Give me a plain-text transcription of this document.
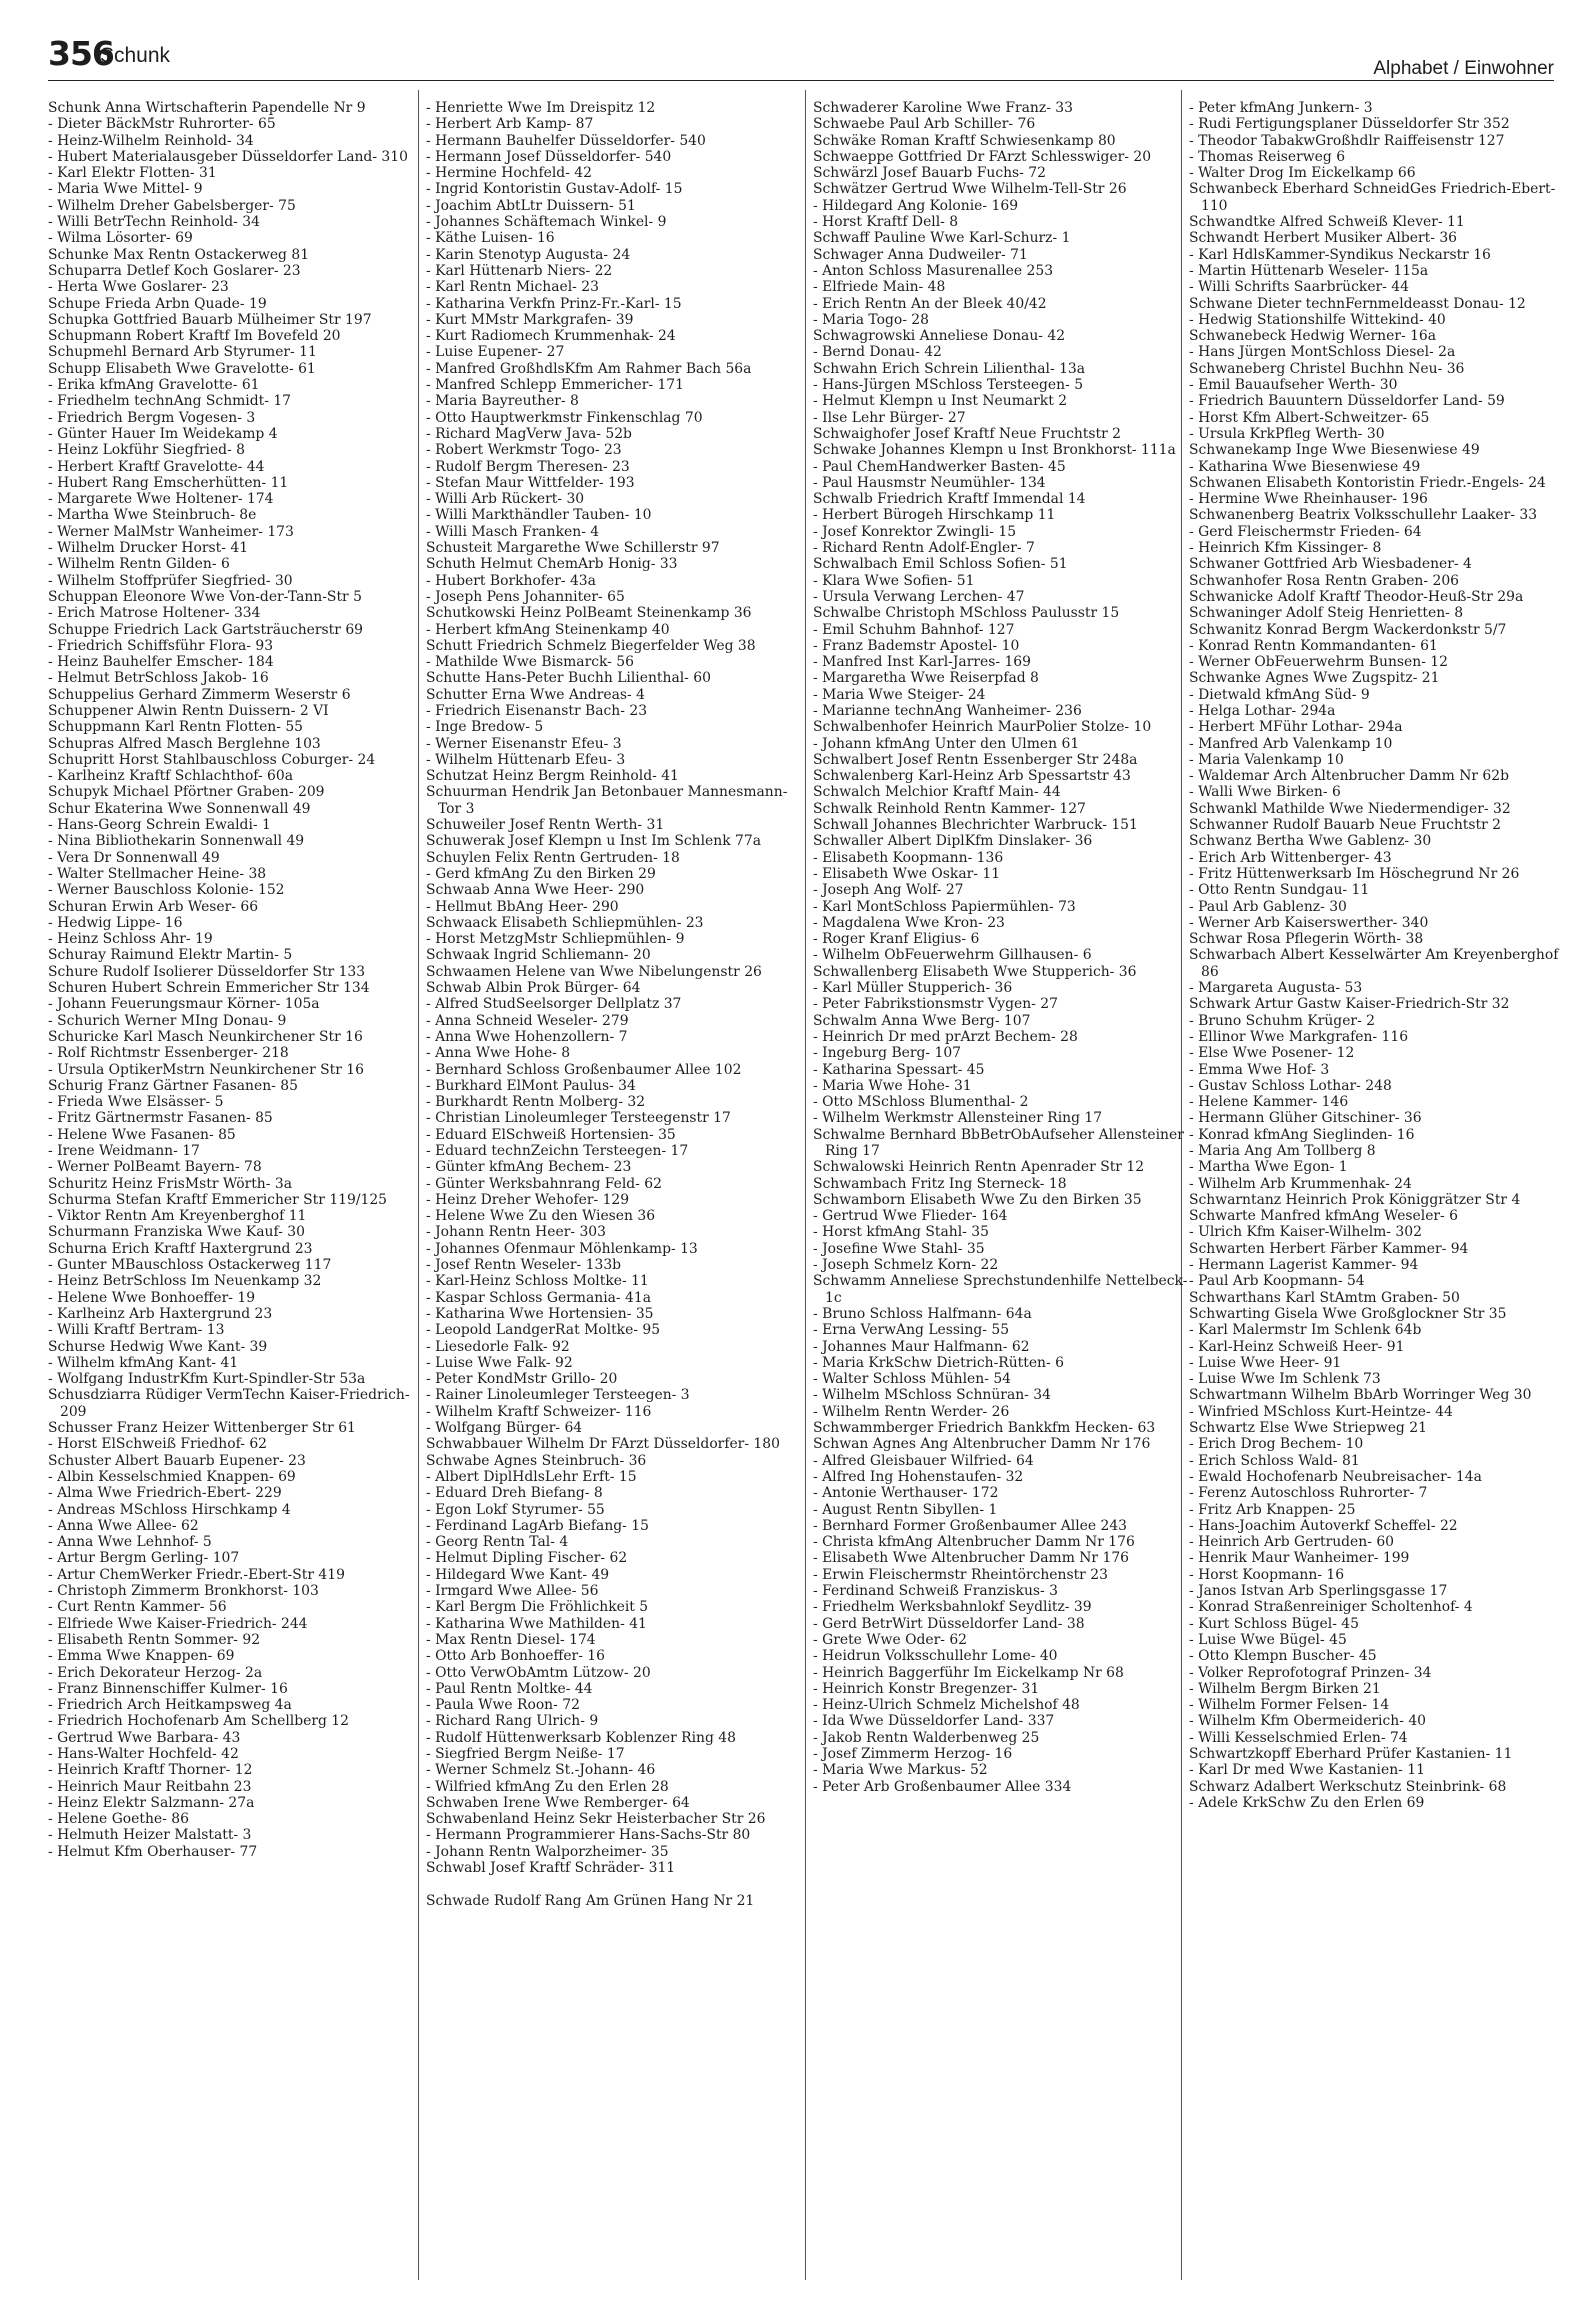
356
Schunk
Alphabet / Einwohner

Schunk Anna Wirtschafterin Papendelle Nr 9

- Dieter BäckMstr Ruhrorter- 65

- Heinz-Wilhelm Reinhold- 34

- Hubert Materialausgeber Düsseldorfer Land- 310

- Karl Elektr Flotten- 31

- Maria Wwe Mittel- 9

- Wilhelm Dreher Gabelsberger- 75

- Willi BetrTechn Reinhold- 34

- Wilma Lösorter- 69

Schunke Max Rentn Ostackerweg 81

Schuparra Detlef Koch Goslarer- 23

- Herta Wwe Goslarer- 23

Schupe Frieda Arbn Quade- 19

Schupka Gottfried Bauarb Mülheimer Str 197

Schupmann Robert Kraftf Im Bovefeld 20

Schupmehl Bernard Arb Styrumer- 11

Schupp Elisabeth Wwe Gravelotte- 61

- Erika kfmAng Gravelotte- 61

- Friedhelm technAng Schmidt- 17

- Friedrich Bergm Vogesen- 3

- Günter Hauer Im Weidekamp 4

- Heinz Lokführ Siegfried- 8

- Herbert Kraftf Gravelotte- 44

- Hubert Rang Emscherhütten- 11

- Margarete Wwe Holtener- 174

- Martha Wwe Steinbruch- 8e

- Werner MalMstr Wanheimer- 173

- Wilhelm Drucker Horst- 41

- Wilhelm Rentn Gilden- 6

- Wilhelm Stoffprüfer Siegfried- 30

Schuppan Eleonore Wwe Von-der-Tann-Str 5

- Erich Matrose Holtener- 334

Schuppe Friedrich Lack Gartsträucherstr 69

- Friedrich Schiffsführ Flora- 93

- Heinz Bauhelfer Emscher- 184

- Helmut BetrSchloss Jakob- 16

Schuppelius Gerhard Zimmerm Weserstr 6

Schuppener Alwin Rentn Duissern- 2 VI

Schuppmann Karl Rentn Flotten- 55

Schupras Alfred Masch Berglehne 103

Schupritt Horst Stahlbauschloss Coburger- 24

- Karlheinz Kraftf Schlachthof- 60a

Schupyk Michael Pförtner Graben- 209

Schur Ekaterina Wwe Sonnenwall 49

- Hans-Georg Schrein Ewaldi- 1

- Nina Bibliothekarin Sonnenwall 49

- Vera Dr Sonnenwall 49

- Walter Stellmacher Heine- 38

- Werner Bauschloss Kolonie- 152

Schuran Erwin Arb Weser- 66

- Hedwig Lippe- 16

- Heinz Schloss Ahr- 19

Schuray Raimund Elektr Martin- 5

Schure Rudolf Isolierer Düsseldorfer Str 133

Schuren Hubert Schrein Emmericher Str 134

- Johann Feuerungsmaur Körner- 105a

- Schurich Werner MIng Donau- 9

Schuricke Karl Masch Neunkirchener Str 16

- Rolf Richtmstr Essenberger- 218

- Ursula OptikerMstrn Neunkirchener Str 16

Schurig Franz Gärtner Fasanen- 85

- Frieda Wwe Elsässer- 5

- Fritz Gärtnermstr Fasanen- 85

- Helene Wwe Fasanen- 85

- Irene Weidmann- 17

- Werner PolBeamt Bayern- 78

Schuritz Heinz FrisMstr Wörth- 3a

Schurma Stefan Kraftf Emmericher Str 119/125

- Viktor Rentn Am Kreyenberghof 11

Schurmann Franziska Wwe Kauf- 30

Schurna Erich Kraftf Haxtergrund 23

- Gunter MBauschloss Ostackerweg 117

- Heinz BetrSchloss Im Neuenkamp 32

- Helene Wwe Bonhoeffer- 19

- Karlheinz Arb Haxtergrund 23

- Willi Kraftf Bertram- 13

Schurse Hedwig Wwe Kant- 39

- Wilhelm kfmAng Kant- 41

- Wolfgang IndustrKfm Kurt-Spindler-Str 53a

Schusdziarra Rüdiger VermTechn Kaiser-Friedrich- 209

Schusser Franz Heizer Wittenberger Str 61

- Horst ElSchweiß Friedhof- 62

Schuster Albert Bauarb Eupener- 23

- Albin Kesselschmied Knappen- 69

- Alma Wwe Friedrich-Ebert- 229

- Andreas MSchloss Hirschkamp 4

- Anna Wwe Allee- 62

- Anna Wwe Lehnhof- 5

- Artur Bergm Gerling- 107

- Artur ChemWerker Friedr.-Ebert-Str 419

- Christoph Zimmerm Bronkhorst- 103

- Curt Rentn Kammer- 56

- Elfriede Wwe Kaiser-Friedrich- 244

- Elisabeth Rentn Sommer- 92

- Emma Wwe Knappen- 69

- Erich Dekorateur Herzog- 2a

- Franz Binnenschiffer Kulmer- 16

- Friedrich Arch Heitkampsweg 4a

- Friedrich Hochofenarb Am Schellberg 12

- Gertrud Wwe Barbara- 43

- Hans-Walter Hochfeld- 42

- Heinrich Kraftf Thorner- 12

- Heinrich Maur Reitbahn 23

- Heinz Elektr Salzmann- 27a

- Helene Goethe- 86

- Helmuth Heizer Malstatt- 3

- Helmut Kfm Oberhauser- 77

- Henriette Wwe Im Dreispitz 12

- Herbert Arb Kamp- 87

- Hermann Bauhelfer Düsseldorfer- 540

- Hermann Josef Düsseldorfer- 540

- Hermine Hochfeld- 42

- Ingrid Kontoristin Gustav-Adolf- 15

- Joachim AbtLtr Duissern- 51

- Johannes Schäftemach Winkel- 9

- Käthe Luisen- 16

- Karin Stenotyp Augusta- 24

- Karl Hüttenarb Niers- 22

- Karl Rentn Michael- 23

- Katharina Verkfn Prinz-Fr.-Karl- 15

- Kurt MMstr Markgrafen- 39

- Kurt Radiomech Krummenhak- 24

- Luise Eupener- 27

- Manfred GroßhdlsKfm Am Rahmer Bach 56a

- Manfred Schlepp Emmericher- 171

- Maria Bayreuther- 8

- Otto Hauptwerkmstr Finkenschlag 70

- Richard MagVerw Java- 52b

- Robert Werkmstr Togo- 23

- Rudolf Bergm Theresen- 23

- Stefan Maur Wittfelder- 193

- Willi Arb Rückert- 30

- Willi Markthändler Tauben- 10

- Willi Masch Franken- 4

Schusteit Margarethe Wwe Schillerstr 97

Schuth Helmut ChemArb Honig- 33

- Hubert Borkhofer- 43a

- Joseph Pens Johanniter- 65

Schutkowski Heinz PolBeamt Steinenkamp 36

- Herbert kfmAng Steinenkamp 40

Schutt Friedrich Schmelz Biegerfelder Weg 38

- Mathilde Wwe Bismarck- 56

Schutte Hans-Peter Buchh Lilienthal- 60

Schutter Erna Wwe Andreas- 4

- Friedrich Eisenanstr Bach- 23

- Inge Bredow- 5

- Werner Eisenanstr Efeu- 3

- Wilhelm Hüttenarb Efeu- 3

Schutzat Heinz Bergm Reinhold- 41

Schuurman Hendrik Jan Betonbauer Mannesmann- Tor 3

Schuweiler Josef Rentn Werth- 31

Schuwerak Josef Klempn u Inst Im Schlenk 77a

Schuylen Felix Rentn Gertruden- 18

- Gerd kfmAng Zu den Birken 29

Schwaab Anna Wwe Heer- 290

- Hellmut BbAng Heer- 290

Schwaack Elisabeth Schliepmühlen- 23

- Horst MetzgMstr Schliepmühlen- 9

Schwaak Ingrid Schliemann- 20

Schwaamen Helene van Wwe Nibelungenstr 26

Schwab Albin Prok Bürger- 64

- Alfred StudSeelsorger Dellplatz 37

- Anna Schneid Weseler- 279

- Anna Wwe Hohenzollern- 7

- Anna Wwe Hohe- 8

- Bernhard Schloss Großenbaumer Allee 102

- Burkhard ElMont Paulus- 34

- Burkhardt Rentn Molberg- 32

- Christian Linoleumleger Tersteegenstr 17

- Eduard ElSchweiß Hortensien- 35

- Eduard technZeichn Tersteegen- 17

- Günter kfmAng Bechem- 23

- Günter Werksbahnrang Feld- 62

- Heinz Dreher Wehofer- 129

- Helene Wwe Zu den Wiesen 36

- Johann Rentn Heer- 303

- Johannes Ofenmaur Möhlenkamp- 13

- Josef Rentn Weseler- 133b

- Karl-Heinz Schloss Moltke- 11

- Kaspar Schloss Germania- 41a

- Katharina Wwe Hortensien- 35

- Leopold LandgerRat Moltke- 95

- Liesedorle Falk- 92

- Luise Wwe Falk- 92

- Peter KondMstr Grillo- 20

- Rainer Linoleumleger Tersteegen- 3

- Wilhelm Kraftf Schweizer- 116

- Wolfgang Bürger- 64

Schwabbauer Wilhelm Dr FArzt Düsseldorfer- 180

Schwabe Agnes Steinbruch- 36

- Albert DiplHdlsLehr Erft- 15

- Eduard Dreh Biefang- 8

- Egon Lokf Styrumer- 55

- Ferdinand LagArb Biefang- 15

- Georg Rentn Tal- 4

- Helmut Dipling Fischer- 62

- Hildegard Wwe Kant- 49

- Irmgard Wwe Allee- 56

- Karl Bergm Die Fröhlichkeit 5

- Katharina Wwe Mathilden- 41

- Max Rentn Diesel- 174

- Otto Arb Bonhoeffer- 16

- Otto VerwObAmtm Lützow- 20

- Paul Rentn Moltke- 44

- Paula Wwe Roon- 72

- Richard Rang Ulrich- 9

- Rudolf Hüttenwerksarb Koblenzer Ring 48

- Siegfried Bergm Neiße- 17

- Werner Schmelz St.-Johann- 46

- Wilfried kfmAng Zu den Erlen 28

Schwaben Irene Wwe Remberger- 64

Schwabenland Heinz Sekr Heisterbacher Str 26

- Hermann Programmierer Hans-Sachs-Str 80

- Johann Rentn Walporzheimer- 35

Schwabl Josef Kraftf Schräder- 311

Schwade Rudolf Rang Am Grünen Hang Nr 21

Schwaderer Karoline Wwe Franz- 33

Schwaebe Paul Arb Schiller- 76

Schwäke Roman Kraftf Schwiesenkamp 80

Schwaeppe Gottfried Dr FArzt Schlesswiger- 20

Schwärzl Josef Bauarb Fuchs- 72

Schwätzer Gertrud Wwe Wilhelm-Tell-Str 26

- Hildegard Ang Kolonie- 169

- Horst Kraftf Dell- 8

Schwaff Pauline Wwe Karl-Schurz- 1

Schwager Anna Dudweiler- 71

- Anton Schloss Masurenallee 253

- Elfriede Main- 48

- Erich Rentn An der Bleek 40/42

- Maria Togo- 28

Schwagrowski Anneliese Donau- 42

- Bernd Donau- 42

Schwahn Erich Schrein Lilienthal- 13a

- Hans-Jürgen MSchloss Tersteegen- 5

- Helmut Klempn u Inst Neumarkt 2

- Ilse Lehr Bürger- 27

Schwaighofer Josef Kraftf Neue Fruchtstr 2

Schwake Johannes Klempn u Inst Bronkhorst- 111a

- Paul ChemHandwerker Basten- 45

- Paul Hausmstr Neumühler- 134

Schwalb Friedrich Kraftf Immendal 14

- Herbert Bürogeh Hirschkamp 11

- Josef Konrektor Zwingli- 15

- Richard Rentn Adolf-Engler- 7

Schwalbach Emil Schloss Sofien- 51

- Klara Wwe Sofien- 51

- Ursula Verwang Lerchen- 47

Schwalbe Christoph MSchloss Paulusstr 15

- Emil Schuhm Bahnhof- 127

- Franz Bademstr Apostel- 10

- Manfred Inst Karl-Jarres- 169

- Margaretha Wwe Reiserpfad 8

- Maria Wwe Steiger- 24

- Marianne technAng Wanheimer- 236

Schwalbenhofer Heinrich MaurPolier Stolze- 10

- Johann kfmAng Unter den Ulmen 61

Schwalbert Josef Rentn Essenberger Str 248a

Schwalenberg Karl-Heinz Arb Spessartstr 43

Schwalch Melchior Kraftf Main- 44

Schwalk Reinhold Rentn Kammer- 127

Schwall Johannes Blechrichter Warbruck- 151

Schwaller Albert DiplKfm Dinslaker- 36

- Elisabeth Koopmann- 136

- Elisabeth Wwe Oskar- 11

- Joseph Ang Wolf- 27

- Karl MontSchloss Papiermühlen- 73

- Magdalena Wwe Kron- 23

- Roger Kranf Eligius- 6

- Wilhelm ObFeuerwehrm Gillhausen- 6

Schwallenberg Elisabeth Wwe Stupperich- 36

- Karl Müller Stupperich- 36

- Peter Fabrikstionsmstr Vygen- 27

Schwalm Anna Wwe Berg- 107

- Heinrich Dr med prArzt Bechem- 28

- Ingeburg Berg- 107

- Katharina Spessart- 45

- Maria Wwe Hohe- 31

- Otto MSchloss Blumenthal- 2

- Wilhelm Werkmstr Allensteiner Ring 17

Schwalme Bernhard BbBetrObAufseher Allensteiner Ring 17

Schwalowski Heinrich Rentn Apenrader Str 12

Schwambach Fritz Ing Sterneck- 18

Schwamborn Elisabeth Wwe Zu den Birken 35

- Gertrud Wwe Flieder- 164

- Horst kfmAng Stahl- 35

- Josefine Wwe Stahl- 35

- Joseph Schmelz Korn- 22

Schwamm Anneliese Sprechstundenhilfe Nettelbeck- 1c

- Bruno Schloss Halfmann- 64a

- Erna VerwAng Lessing- 55

- Johannes Maur Halfmann- 62

- Maria KrkSchw Dietrich-Rütten- 6

- Walter Schloss Mühlen- 54

- Wilhelm MSchloss Schnüran- 34

- Wilhelm Rentn Werder- 26

Schwammberger Friedrich Bankkfm Hecken- 63

Schwan Agnes Ang Altenbrucher Damm Nr 176

- Alfred Gleisbauer Wilfried- 64

- Alfred Ing Hohenstaufen- 32

- Antonie Werthauser- 172

- August Rentn Sibyllen- 1

- Bernhard Former Großenbaumer Allee 243

- Christa kfmAng Altenbrucher Damm Nr 176

- Elisabeth Wwe Altenbrucher Damm Nr 176

- Erwin Fleischermstr Rheintörchenstr 23

- Ferdinand Schweiß Franziskus- 3

- Friedhelm Werksbahnlokf Seydlitz- 39

- Gerd BetrWirt Düsseldorfer Land- 38

- Grete Wwe Oder- 62

- Heidrun Volksschullehr Lome- 40

- Heinrich Baggerführ Im Eickelkamp Nr 68

- Heinrich Konstr Bregenzer- 31

- Heinz-Ulrich Schmelz Michelshof 48

- Ida Wwe Düsseldorfer Land- 337

- Jakob Rentn Walderbenweg 25

- Josef Zimmerm Herzog- 16

- Maria Wwe Markus- 52

- Peter Arb Großenbaumer Allee 334

- Peter kfmAng Junkern- 3

- Rudi Fertigungsplaner Düsseldorfer Str 352

- Theodor TabakwGroßhdlr Raiffeisenstr 127

- Thomas Reiserweg 6

- Walter Drog Im Eickelkamp 66

Schwanbeck Eberhard SchneidGes Friedrich-Ebert- 110

Schwandtke Alfred Schweiß Klever- 11

Schwandt Herbert Musiker Albert- 36

- Karl HdlsKammer-Syndikus Neckarstr 16

- Martin Hüttenarb Weseler- 115a

- Willi Schrifts Saarbrücker- 44

Schwane Dieter technFernmeldeasst Donau- 12

- Hedwig Stationshilfe Wittekind- 40

Schwanebeck Hedwig Werner- 16a

- Hans Jürgen MontSchloss Diesel- 2a

Schwaneberg Christel Buchhn Neu- 36

- Emil Bauaufseher Werth- 30

- Friedrich Bauuntern Düsseldorfer Land- 59

- Horst Kfm Albert-Schweitzer- 65

- Ursula KrkPfleg Werth- 30

Schwanekamp Inge Wwe Biesenwiese 49

- Katharina Wwe Biesenwiese 49

Schwanen Elisabeth Kontoristin Friedr.-Engels- 24

- Hermine Wwe Rheinhauser- 196

Schwanenberg Beatrix Volksschullehr Laaker- 33

- Gerd Fleischermstr Frieden- 64

- Heinrich Kfm Kissinger- 8

Schwaner Gottfried Arb Wiesbadener- 4

Schwanhofer Rosa Rentn Graben- 206

Schwanicke Adolf Kraftf Theodor-Heuß-Str 29a

Schwaninger Adolf Steig Henrietten- 8

Schwanitz Konrad Bergm Wackerdonkstr 5/7

- Konrad Rentn Kommandanten- 61

- Werner ObFeuerwehrm Bunsen- 12

Schwanke Agnes Wwe Zugspitz- 21

- Dietwald kfmAng Süd- 9

- Helga Lothar- 294a

- Herbert MFühr Lothar- 294a

- Manfred Arb Valenkamp 10

- Maria Valenkamp 10

- Waldemar Arch Altenbrucher Damm Nr 62b

- Walli Wwe Birken- 6

Schwankl Mathilde Wwe Niedermendiger- 32

Schwanner Rudolf Bauarb Neue Fruchtstr 2

Schwanz Bertha Wwe Gablenz- 30

- Erich Arb Wittenberger- 43

- Fritz Hüttenwerksarb Im Höschegrund Nr 26

- Otto Rentn Sundgau- 11

- Paul Arb Gablenz- 30

- Werner Arb Kaiserswerther- 340

Schwar Rosa Pflegerin Wörth- 38

Schwarbach Albert Kesselwärter Am Kreyenberghof 86

- Margareta Augusta- 53

Schwark Artur Gastw Kaiser-Friedrich-Str 32

- Bruno Schuhm Krüger- 2

- Ellinor Wwe Markgrafen- 116

- Else Wwe Posener- 12

- Emma Wwe Hof- 3

- Gustav Schloss Lothar- 248

- Helene Kammer- 146

- Hermann Glüher Gitschiner- 36

- Konrad kfmAng Sieglinden- 16

- Maria Ang Am Tollberg 8

- Martha Wwe Egon- 1

- Wilhelm Arb Krummenhak- 24

Schwarntanz Heinrich Prok Königgrätzer Str 4

Schwarte Manfred kfmAng Weseler- 6

- Ulrich Kfm Kaiser-Wilhelm- 302

Schwarten Herbert Färber Kammer- 94

- Hermann Lagerist Kammer- 94

- Paul Arb Koopmann- 54

Schwarthans Karl StAmtm Graben- 50

Schwarting Gisela Wwe Großglockner Str 35

- Karl Malermstr Im Schlenk 64b

- Karl-Heinz Schweiß Heer- 91

- Luise Wwe Heer- 91

- Luise Wwe Im Schlenk 73

Schwartmann Wilhelm BbArb Worringer Weg 30

- Winfried MSchloss Kurt-Heintze- 44

Schwartz Else Wwe Striepweg 21

- Erich Drog Bechem- 10

- Erich Schloss Wald- 81

- Ewald Hochofenarb Neubreisacher- 14a

- Ferenz Autoschloss Ruhrorter- 7

- Fritz Arb Knappen- 25

- Hans-Joachim Autoverkf Scheffel- 22

- Heinrich Arb Gertruden- 60

- Henrik Maur Wanheimer- 199

- Horst Koopmann- 16

- Janos Istvan Arb Sperlingsgasse 17

- Konrad Straßenreiniger Scholtenhof- 4

- Kurt Schloss Bügel- 45

- Luise Wwe Bügel- 45

- Otto Klempn Buscher- 45

- Volker Reprofotograf Prinzen- 34

- Wilhelm Bergm Birken 21

- Wilhelm Former Felsen- 14

- Wilhelm Kfm Obermeiderich- 40

- Willi Kesselschmied Erlen- 74

Schwartzkopff Eberhard Prüfer Kastanien- 11

- Karl Dr med Wwe Kastanien- 11

Schwarz Adalbert Werkschutz Steinbrink- 68

- Adele KrkSchw Zu den Erlen 69
